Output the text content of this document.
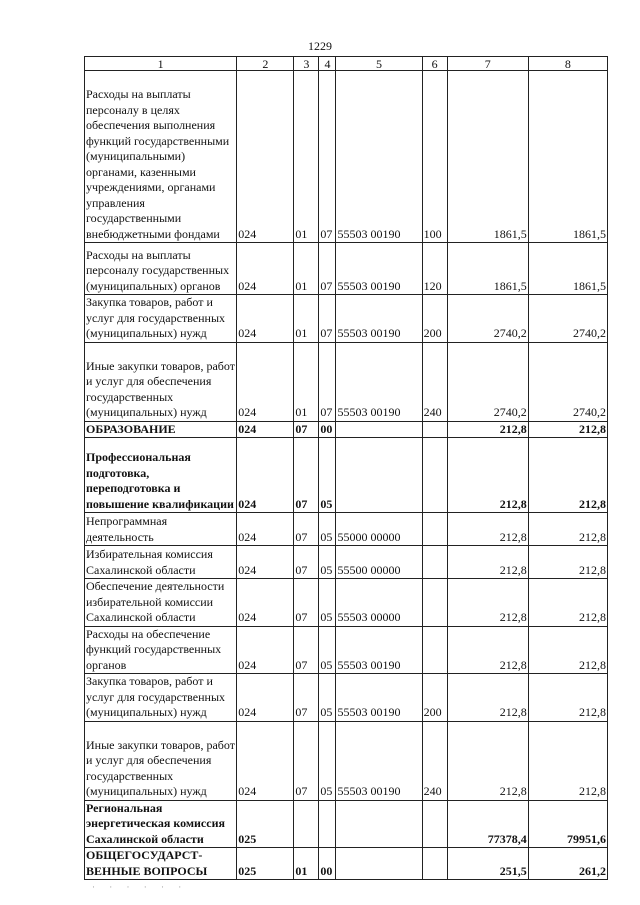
1229
1	2	3	4	5	6	7	8
Расходы на выплаты персоналу в целях обеспечения выполнения функций государственными (муниципальными) органами, казенными учреждениями, органами управления государственными внебюджетными фондами	024	01	07	55503 00190	100	1861,5	1861,5
Расходы на выплаты персоналу государственных (муниципальных) органов	024	01	07	55503 00190	120	1861,5	1861,5
Закупка товаров, работ и услуг для государственных (муниципальных) нужд	024	01	07	55503 00190	200	2740,2	2740,2
Иные закупки товаров, работ и услуг для обеспечения государственных (муниципальных) нужд	024	01	07	55503 00190	240	2740,2	2740,2
ОБРАЗОВАНИЕ	024	07	00			212,8	212,8
Профессиональная подготовка, переподготовка и повышение квалификации	024	07	05			212,8	212,8
Непрограммная деятельность	024	07	05	55000 00000		212,8	212,8
Избирательная комиссия Сахалинской области	024	07	05	55500 00000		212,8	212,8
Обеспечение деятельности избирательной комиссии Сахалинской области	024	07	05	55503 00000		212,8	212,8
Расходы на обеспечение функций государственных органов	024	07	05	55503 00190		212,8	212,8
Закупка товаров, работ и услуг для государственных (муниципальных) нужд	024	07	05	55503 00190	200	212,8	212,8
Иные закупки товаров, работ и услуг для обеспечения государственных (муниципальных) нужд	024	07	05	55503 00190	240	212,8	212,8
Региональная энергетическая комиссия Сахалинской области	025					77378,4	79951,6
ОБЩЕГОСУДАРСТ-ВЕННЫЕ ВОПРОСЫ	025	01	00			251,5	261,2
· · · · · ·
